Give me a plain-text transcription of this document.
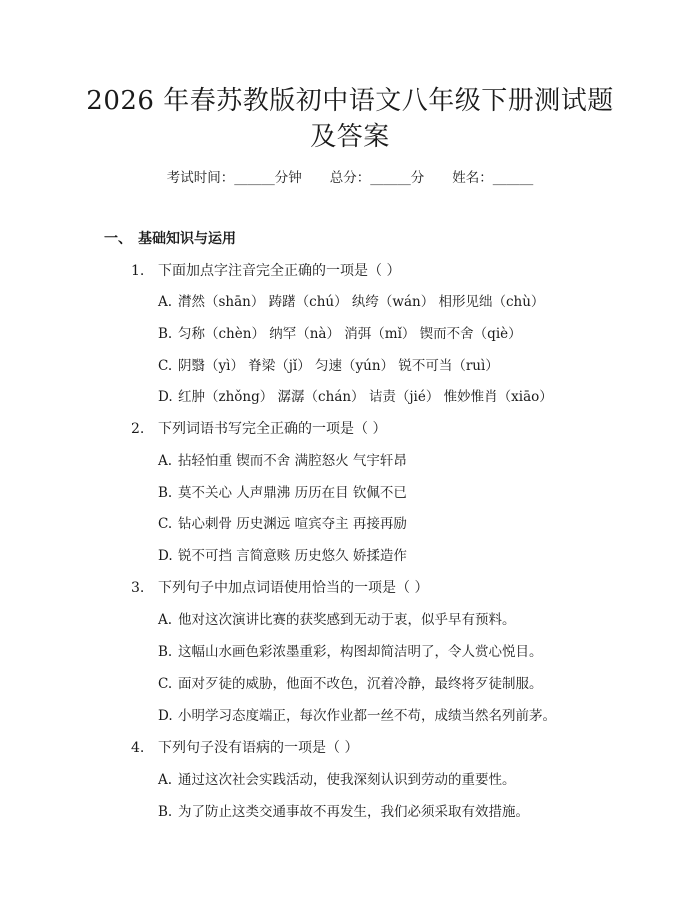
2026 年春苏教版初中语文八年级下册测试题
及答案
考试时间：______分钟 总分：______分 姓名：______
一、 基础知识与运用
1. 下面加点字注音完全正确的一项是（ ）
A. 潸然（shān） 踌躇（chú） 纨绔（wán） 相形见绌（chù）
B. 匀称（chèn） 纳罕（nà） 消弭（mǐ） 锲而不舍（qiè）
C. 阴翳（yì） 脊梁（jǐ） 匀速（yún） 锐不可当（ruì）
D. 红肿（zhǒng） 潺潺（chán） 诘责（jié） 惟妙惟肖（xiāo）
2. 下列词语书写完全正确的一项是（ ）
A. 拈轻怕重 锲而不舍 满腔怒火 气宇轩昂
B. 莫不关心 人声鼎沸 历历在目 钦佩不已
C. 钻心刺骨 历史渊远 喧宾夺主 再接再励
D. 锐不可挡 言简意赅 历史悠久 娇揉造作
3. 下列句子中加点词语使用恰当的一项是（ ）
A. 他对这次演讲比赛的获奖感到无动于衷，似乎早有预料。
B. 这幅山水画色彩浓墨重彩，构图却简洁明了，令人赏心悦目。
C. 面对歹徒的威胁，他面不改色，沉着冷静，最终将歹徒制服。
D. 小明学习态度端正，每次作业都一丝不苟，成绩当然名列前茅。
4. 下列句子没有语病的一项是（ ）
A. 通过这次社会实践活动，使我深刻认识到劳动的重要性。
B. 为了防止这类交通事故不再发生，我们必须采取有效措施。
